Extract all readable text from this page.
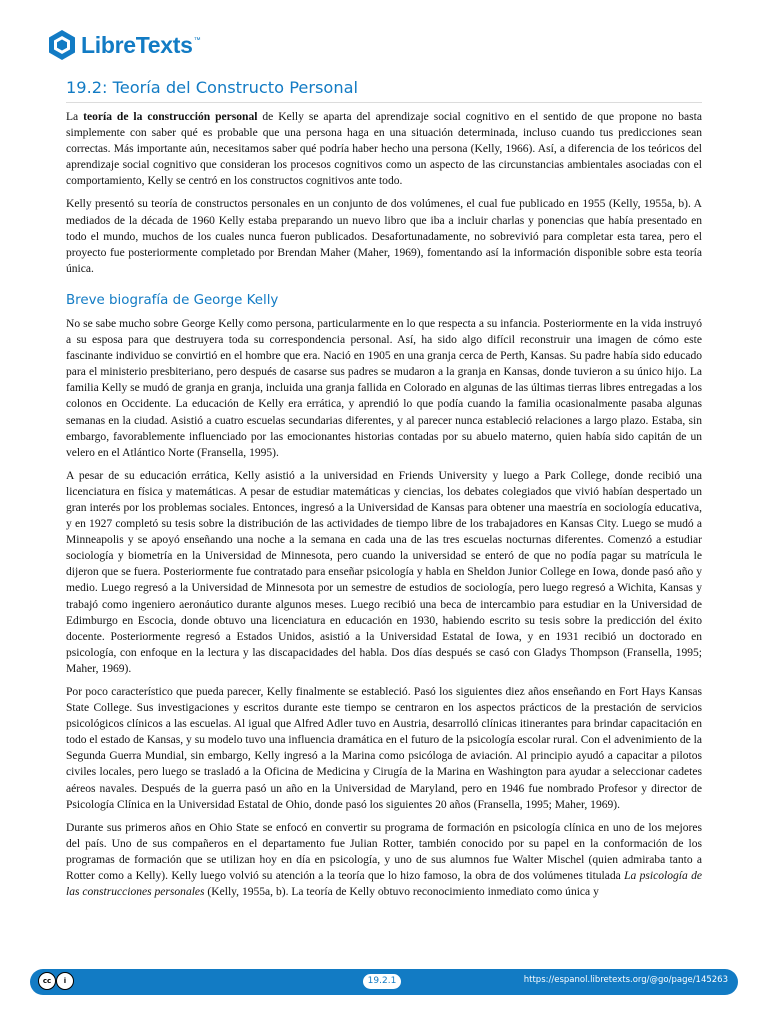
LibreTexts ™
19.2: Teoría del Constructo Personal

La teoría de la construcción personal de Kelly se aparta del aprendizaje social cognitivo en el sentido de que propone no basta simplemente con saber qué es probable que una persona haga en una situación determinada, incluso cuando tus predicciones sean correctas. Más importante aún, necesitamos saber qué podría haber hecho una persona (Kelly, 1966). Así, a diferencia de los teóricos del aprendizaje social cognitivo que consideran los procesos cognitivos como un aspecto de las circunstancias ambientales asociadas con el comportamiento, Kelly se centró en los constructos cognitivos ante todo.

Kelly presentó su teoría de constructos personales en un conjunto de dos volúmenes, el cual fue publicado en 1955 (Kelly, 1955a, b). A mediados de la década de 1960 Kelly estaba preparando un nuevo libro que iba a incluir charlas y ponencias que había presentado en todo el mundo, muchos de los cuales nunca fueron publicados. Desafortunadamente, no sobrevivió para completar esta tarea, pero el proyecto fue posteriormente completado por Brendan Maher (Maher, 1969), fomentando así la información disponible sobre esta teoría única.

Breve biografía de George Kelly

No se sabe mucho sobre George Kelly como persona, particularmente en lo que respecta a su infancia. Posteriormente en la vida instruyó a su esposa para que destruyera toda su correspondencia personal. Así, ha sido algo difícil reconstruir una imagen de cómo este fascinante individuo se convirtió en el hombre que era. Nació en 1905 en una granja cerca de Perth, Kansas. Su padre había sido educado para el ministerio presbiteriano, pero después de casarse sus padres se mudaron a la granja en Kansas, donde tuvieron a su único hijo. La familia Kelly se mudó de granja en granja, incluida una granja fallida en Colorado en algunas de las últimas tierras libres entregadas a los colonos en Occidente. La educación de Kelly era errática, y aprendió lo que podía cuando la familia ocasionalmente pasaba algunas semanas en la ciudad. Asistió a cuatro escuelas secundarias diferentes, y al parecer nunca estableció relaciones a largo plazo. Estaba, sin embargo, favorablemente influenciado por las emocionantes historias contadas por su abuelo materno, quien había sido capitán de un velero en el Atlántico Norte (Fransella, 1995).

A pesar de su educación errática, Kelly asistió a la universidad en Friends University y luego a Park College, donde recibió una licenciatura en física y matemáticas. A pesar de estudiar matemáticas y ciencias, los debates colegiados que vivió habían despertado un gran interés por los problemas sociales. Entonces, ingresó a la Universidad de Kansas para obtener una maestría en sociología educativa, y en 1927 completó su tesis sobre la distribución de las actividades de tiempo libre de los trabajadores en Kansas City. Luego se mudó a Minneapolis y se apoyó enseñando una noche a la semana en cada una de las tres escuelas nocturnas diferentes. Comenzó a estudiar sociología y biometría en la Universidad de Minnesota, pero cuando la universidad se enteró de que no podía pagar su matrícula le dijeron que se fuera. Posteriormente fue contratado para enseñar psicología y habla en Sheldon Junior College en Iowa, donde pasó año y medio. Luego regresó a la Universidad de Minnesota por un semestre de estudios de sociología, pero luego regresó a Wichita, Kansas y trabajó como ingeniero aeronáutico durante algunos meses. Luego recibió una beca de intercambio para estudiar en la Universidad de Edimburgo en Escocia, donde obtuvo una licenciatura en educación en 1930, habiendo escrito su tesis sobre la predicción del éxito docente. Posteriormente regresó a Estados Unidos, asistió a la Universidad Estatal de Iowa, y en 1931 recibió un doctorado en psicología, con enfoque en la lectura y las discapacidades del habla. Dos días después se casó con Gladys Thompson (Fransella, 1995; Maher, 1969).

Por poco característico que pueda parecer, Kelly finalmente se estableció. Pasó los siguientes diez años enseñando en Fort Hays Kansas State College. Sus investigaciones y escritos durante este tiempo se centraron en los aspectos prácticos de la prestación de servicios psicológicos clínicos a las escuelas. Al igual que Alfred Adler tuvo en Austria, desarrolló clínicas itinerantes para brindar capacitación en todo el estado de Kansas, y su modelo tuvo una influencia dramática en el futuro de la psicología escolar rural. Con el advenimiento de la Segunda Guerra Mundial, sin embargo, Kelly ingresó a la Marina como psicóloga de aviación. Al principio ayudó a capacitar a pilotos civiles locales, pero luego se trasladó a la Oficina de Medicina y Cirugía de la Marina en Washington para ayudar a seleccionar cadetes aéreos navales. Después de la guerra pasó un año en la Universidad de Maryland, pero en 1946 fue nombrado Profesor y director de Psicología Clínica en la Universidad Estatal de Ohio, donde pasó los siguientes 20 años (Fransella, 1995; Maher, 1969).

Durante sus primeros años en Ohio State se enfocó en convertir su programa de formación en psicología clínica en uno de los mejores del país. Uno de sus compañeros en el departamento fue Julian Rotter, también conocido por su papel en la conformación de los programas de formación que se utilizan hoy en día en psicología, y uno de sus alumnos fue Walter Mischel (quien admiraba tanto a Rotter como a Kelly). Kelly luego volvió su atención a la teoría que lo hizo famoso, la obra de dos volúmenes titulada La psicología de las construcciones personales (Kelly, 1955a, b). La teoría de Kelly obtuvo reconocimiento inmediato como única y

cc	i	19.2.1	https://espanol.libretexts.org/@go/page/145263
